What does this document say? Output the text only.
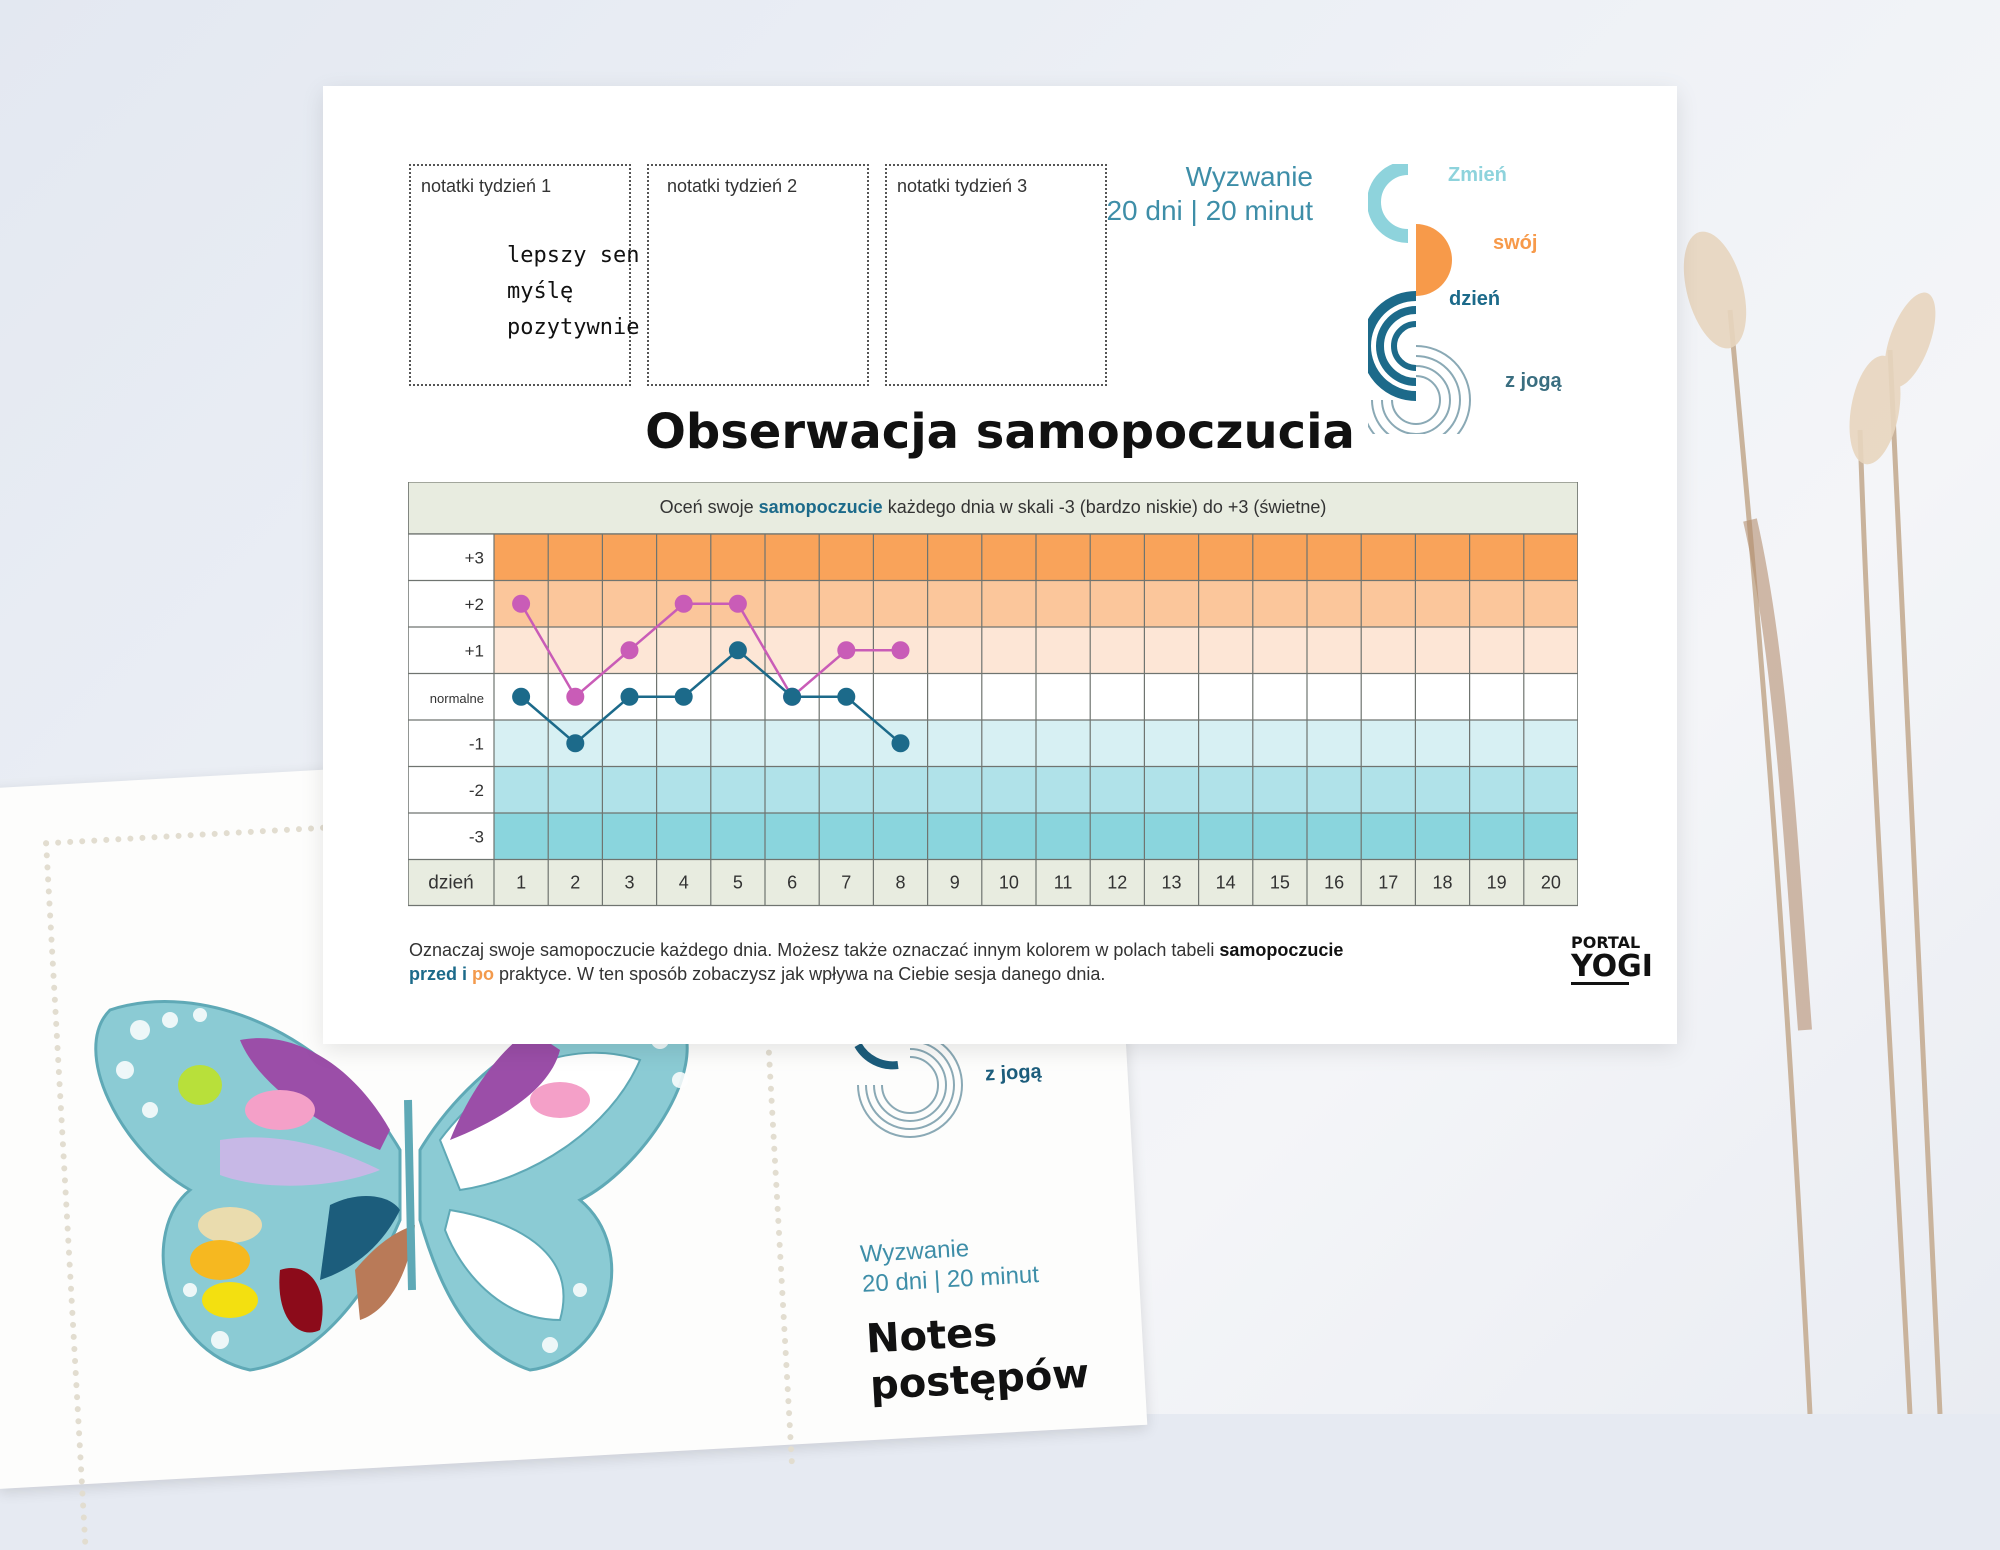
z jogą
Wyzwanie
20 dni | 20 minut
Notes
postępów
notatki tydzień 1
lepszy sen
myślę
pozytywnie
notatki tydzień 2	notatki tydzień 3	Wyzwanie
20 dni | 20 minut
Zmień
swój
dzień
z jogą
Obserwacja samopoczucia
Oceń swoje samopoczucie każdego dnia w skali -3 (bardzo niskie) do +3 (świetne)
+3
+2
+1
normalne
-1
-2
-3
dzień 1 2 3 4 5 6 7 8 9 10 11 12 13 14 15 16 17 18 19 20
Oznaczaj swoje samopoczucie każdego dnia. Możesz także oznaczać innym kolorem w polach tabeli samopoczucie
przed i po praktyce. W ten sposób zobaczysz jak wpływa na Ciebie sesja danego dnia.
PORTAL
YOGI
